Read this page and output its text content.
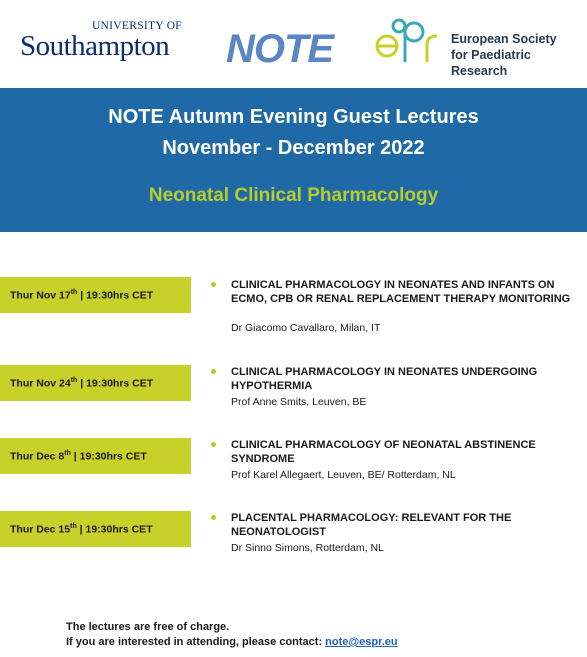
UNIVERSITY OF
Southampton NOTE	European Society
for Paediatric Research
NOTE Autumn Evening Guest Lectures
November - December 2022
Neonatal Clinical Pharmacology
Thur Nov 17th | 19:30hrs CET
CLINICAL PHARMACOLOGY IN NEONATES AND INFANTS ON ECMO, CPB OR RENAL REPLACEMENT THERAPY MONITORING
Dr Giacomo Cavallaro, Milan, IT
Thur Nov 24th | 19:30hrs CET
CLINICAL PHARMACOLOGY IN NEONATES UNDERGOING HYPOTHERMIA
Prof Anne Smits, Leuven, BE
Thur Dec 8th | 19:30hrs CET
CLINICAL PHARMACOLOGY OF NEONATAL ABSTINENCE SYNDROME
Prof Karel Allegaert, Leuven, BE/ Rotterdam, NL
Thur Dec 15th | 19:30hrs CET
PLACENTAL PHARMACOLOGY: RELEVANT FOR THE NEONATOLOGIST
Dr Sinno Simons, Rotterdam, NL
The lectures are free of charge.
If you are interested in attending, please contact: note@espr.eu
